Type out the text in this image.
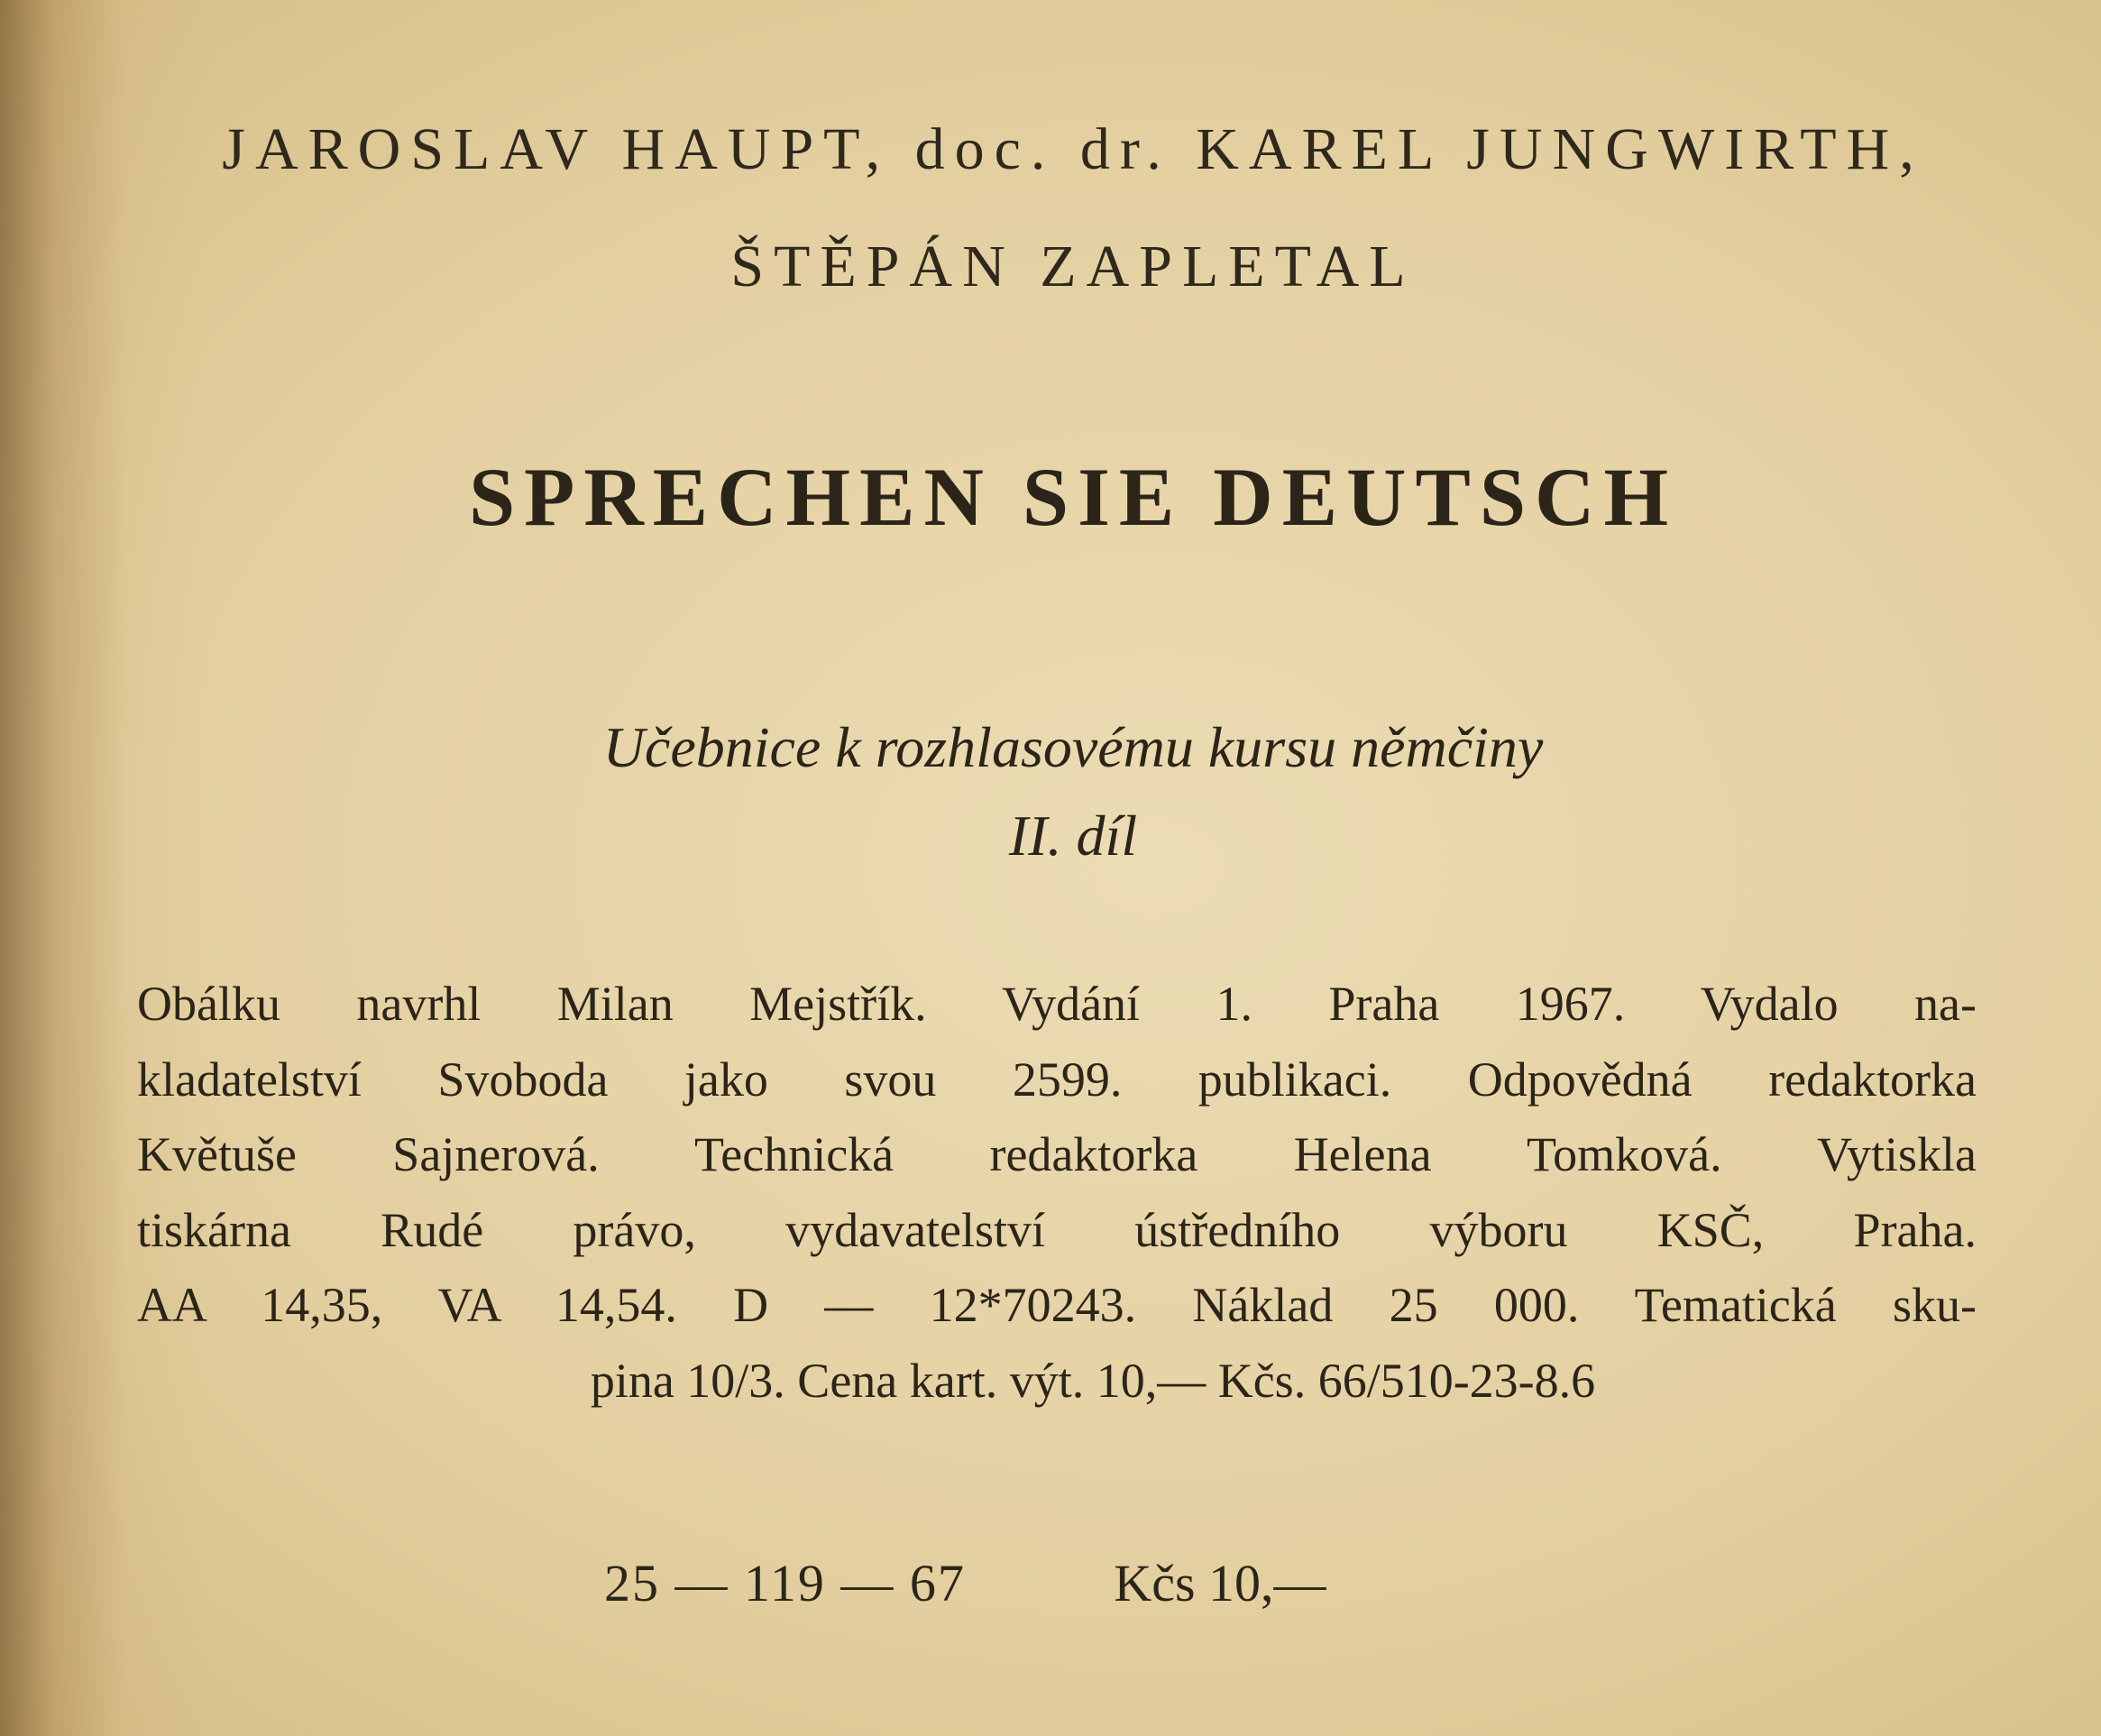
JAROSLAV HAUPT, doc. dr. KAREL JUNGWIRTH,
ŠTĚPÁN ZAPLETAL
SPRECHEN SIE DEUTSCH
Učebnice k rozhlasovému kursu němčiny
II. díl
Obálku navrhl Milan Mejstřík. Vydání 1. Praha 1967. Vydalo na-
kladatelství Svoboda jako svou 2599. publikaci. Odpovědná redaktorka
Květuše Sajnerová. Technická redaktorka Helena Tomková. Vytiskla
tiskárna Rudé právo, vydavatelství ústředního výboru KSČ, Praha.
AA 14,35, VA 14,54. D — 12*70243. Náklad 25 000. Tematická sku-
pina 10/3. Cena kart. výt. 10,— Kčs. 66/510-23-8.6
25 — 119 — 67	Kčs 10,—
